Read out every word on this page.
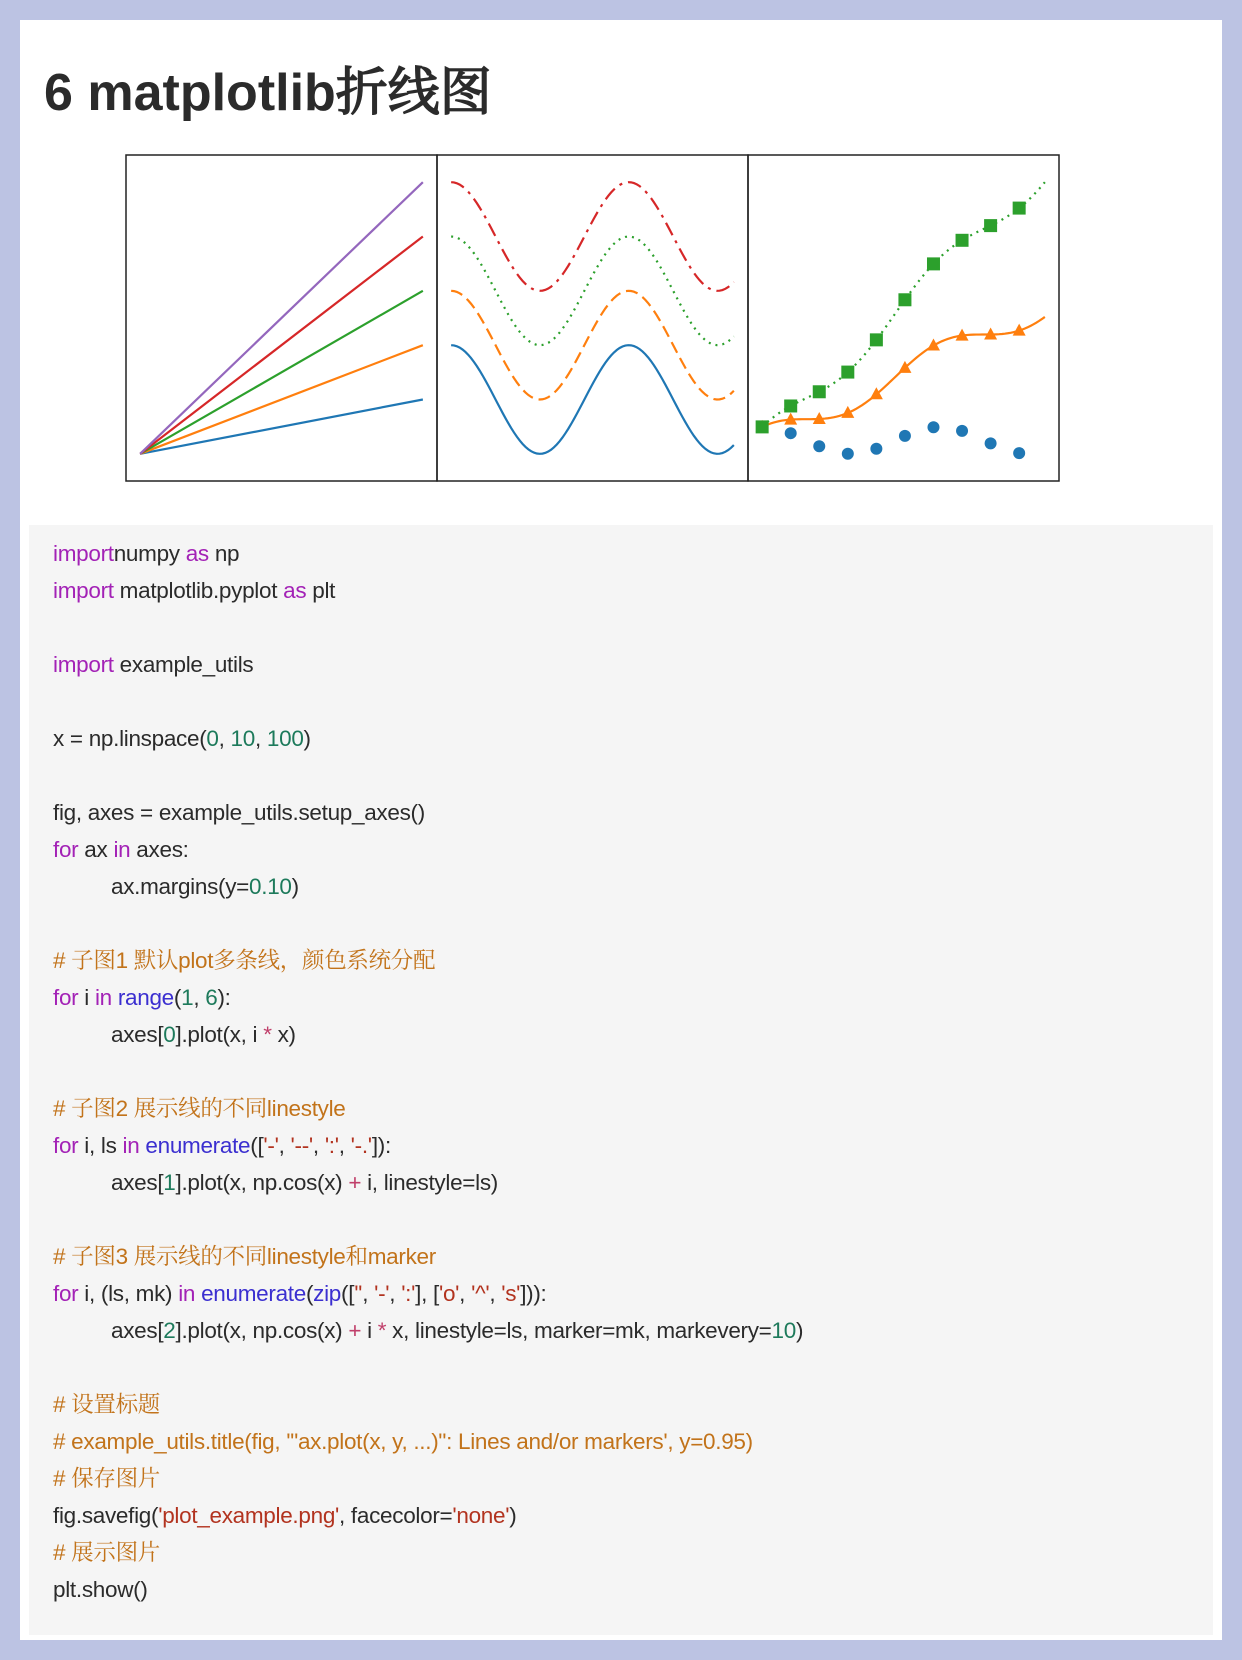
6 matplotlib折线图
importnumpy as np
import matplotlib.pyplot as plt
import example_utils
x = np.linspace(0, 10, 100)
fig, axes = example_utils.setup_axes()
for ax in axes:
ax.margins(y=0.10)
# 子图1 默认plot多条线，颜色系统分配
for i in range(1, 6):
axes[0].plot(x, i * x)
# 子图2 展示线的不同linestyle
for i, ls in enumerate(['-', '--', ':', '-.']):
axes[1].plot(x, np.cos(x) + i, linestyle=ls)
# 子图3 展示线的不同linestyle和marker
for i, (ls, mk) in enumerate(zip(['', '-', ':'], ['o', '^', 's'])):
axes[2].plot(x, np.cos(x) + i * x, linestyle=ls, marker=mk, markevery=10)
# 设置标题
# example_utils.title(fig, '"ax.plot(x, y, ...)": Lines and/or markers', y=0.95)
# 保存图片
fig.savefig('plot_example.png', facecolor='none')
# 展示图片
plt.show()
